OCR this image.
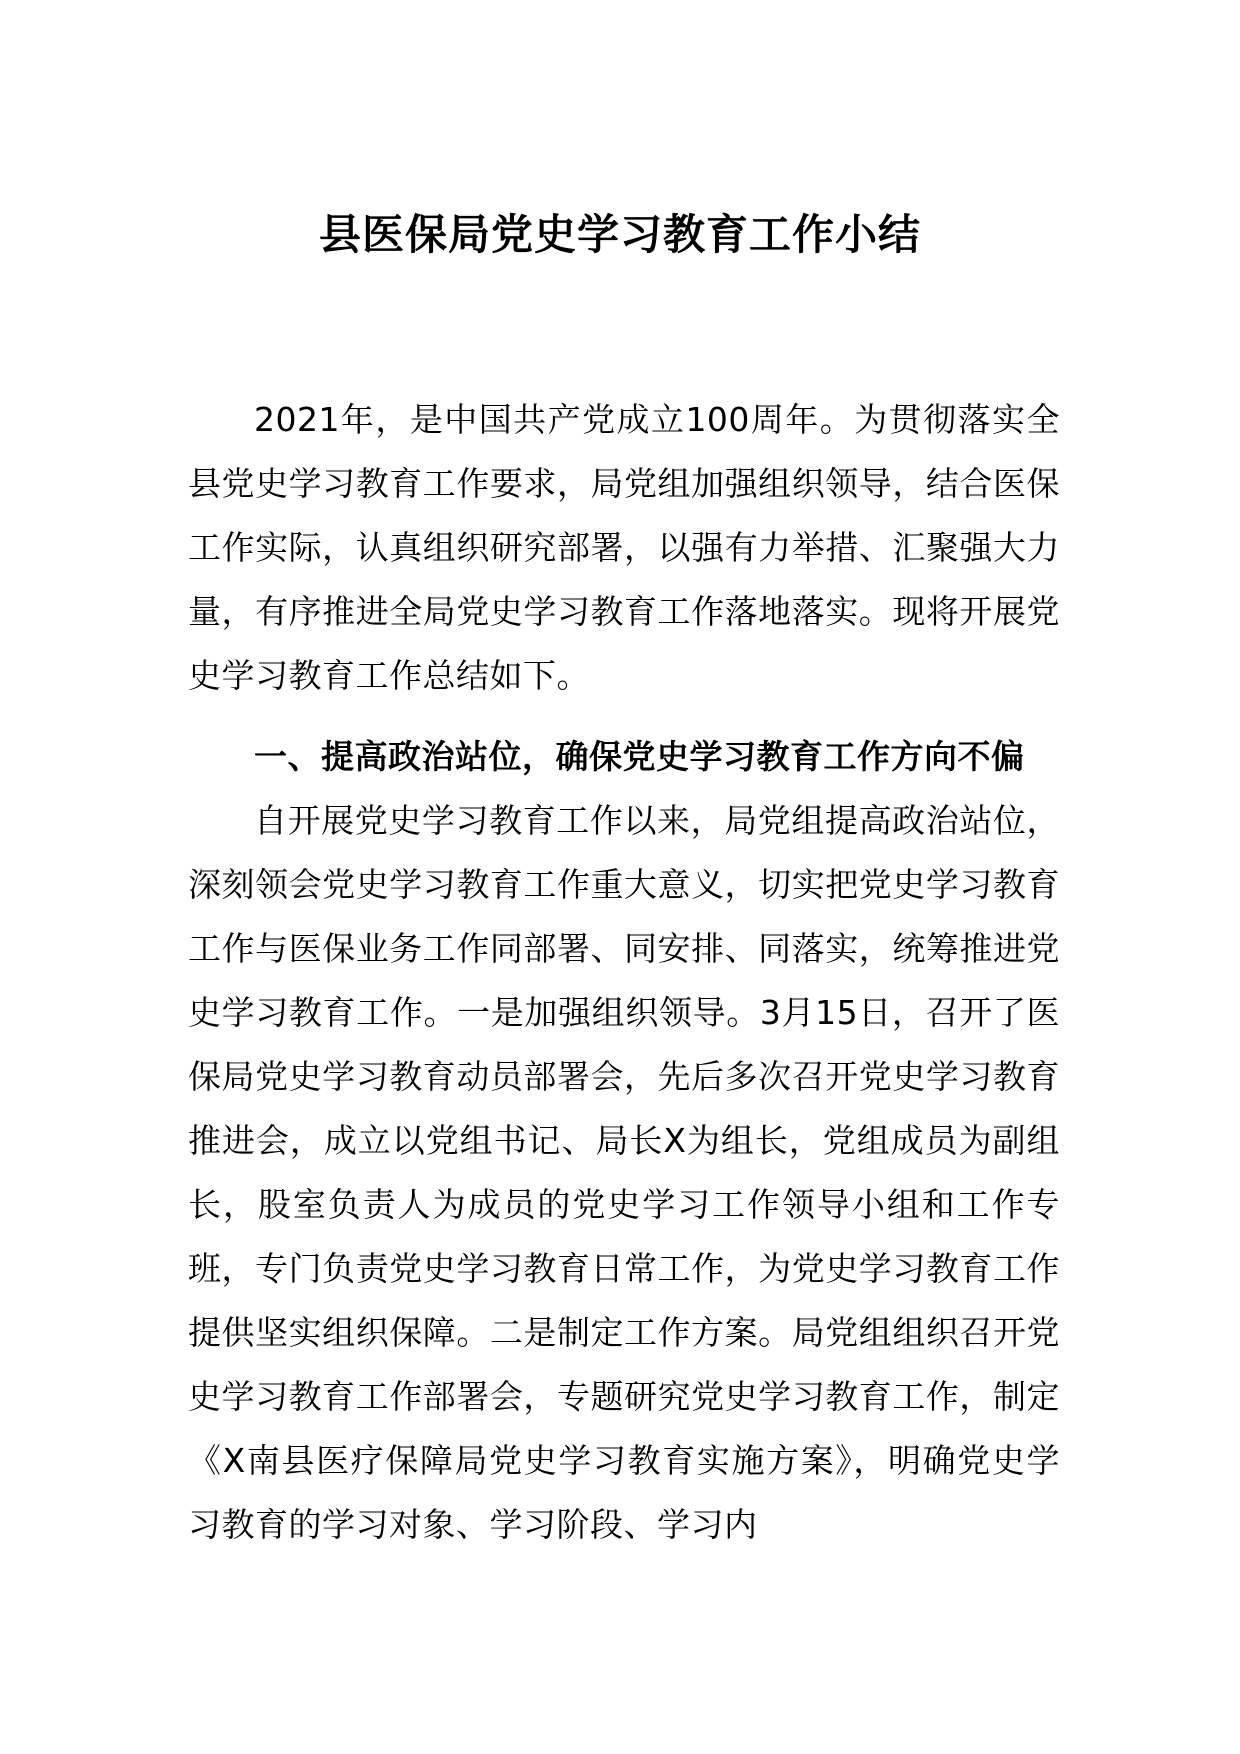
县医保局党史学习教育工作小结

2021年，是中国共产党成立100周年。为贯彻落实全县党史学习教育工作要求，局党组加强组织领导，结合医保工作实际，认真组织研究部署，以强有力举措、汇聚强大力量，有序推进全局党史学习教育工作落地落实。现将开展党史学习教育工作总结如下。

一、提高政治站位，确保党史学习教育工作方向不偏

自开展党史学习教育工作以来，局党组提高政治站位，深刻领会党史学习教育工作重大意义，切实把党史学习教育工作与医保业务工作同部署、同安排、同落实，统筹推进党史学习教育工作。一是加强组织领导。3月15日，召开了医保局党史学习教育动员部署会，先后多次召开党史学习教育推进会，成立以党组书记、局长X为组长，党组成员为副组长，股室负责人为成员的党史学习工作领导小组和工作专班，专门负责党史学习教育日常工作，为党史学习教育工作提供坚实组织保障。二是制定工作方案。局党组组织召开党史学习教育工作部署会，专题研究党史学习教育工作，制定《X南县医疗保障局党史学习教育实施方案》，明确党史学习教育的学习对象、学习阶段、学习内
